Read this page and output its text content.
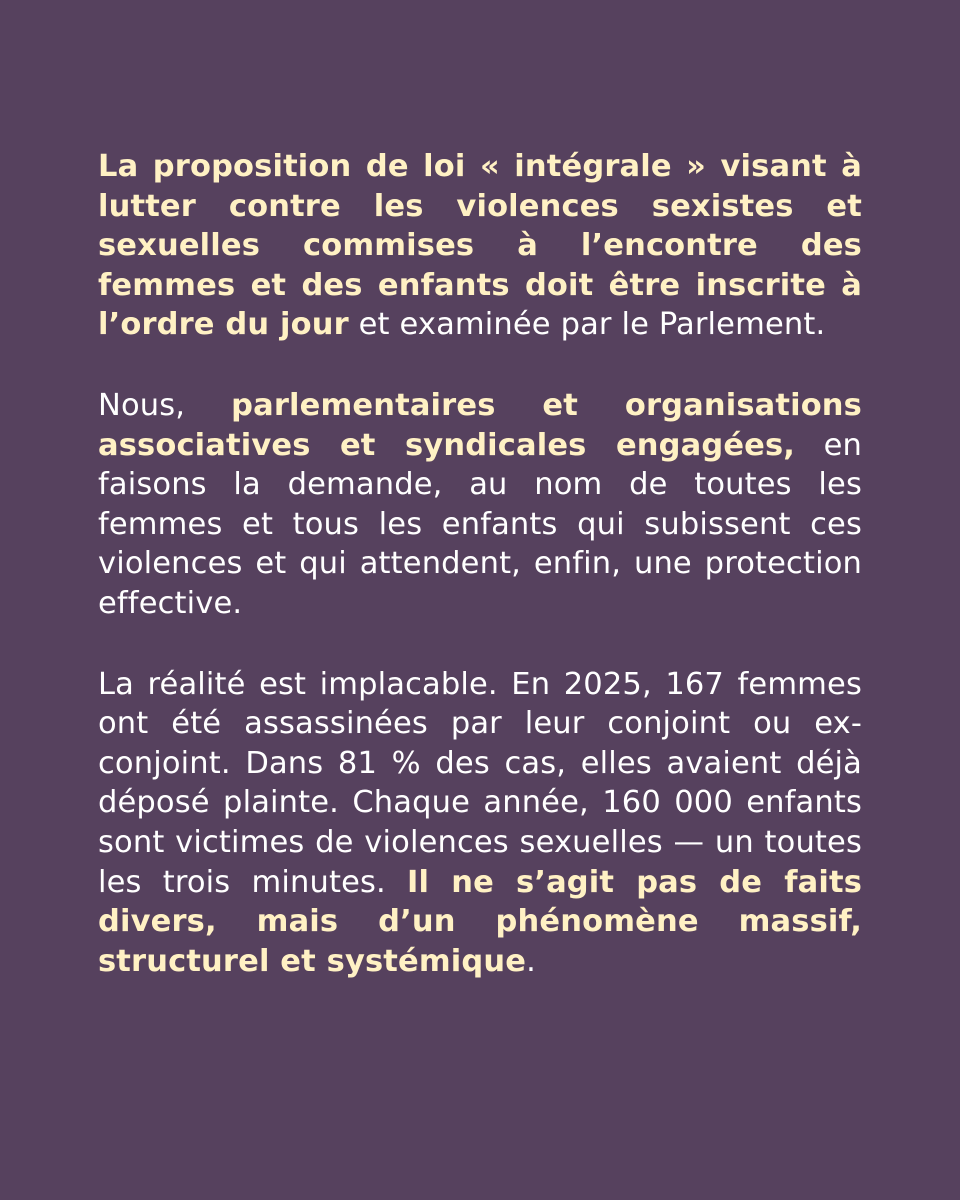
La proposition de loi « intégrale » visant à lutter contre les violences sexistes et sexuelles commises à l’encontre des femmes et des enfants doit être inscrite à l’ordre du jour et examinée par le Parlement.

Nous, parlementaires et organisations associatives et syndicales engagées, en faisons la demande, au nom de toutes les femmes et tous les enfants qui subissent ces violences et qui attendent, enfin, une protection effective.

La réalité est implacable. En 2025, 167 femmes ont été assassinées par leur conjoint ou ex-conjoint. Dans 81 % des cas, elles avaient déjà déposé plainte. Chaque année, 160 000 enfants sont victimes de violences sexuelles — un toutes les trois minutes. Il ne s’agit pas de faits divers, mais d’un phénomène massif, structurel et systémique.
